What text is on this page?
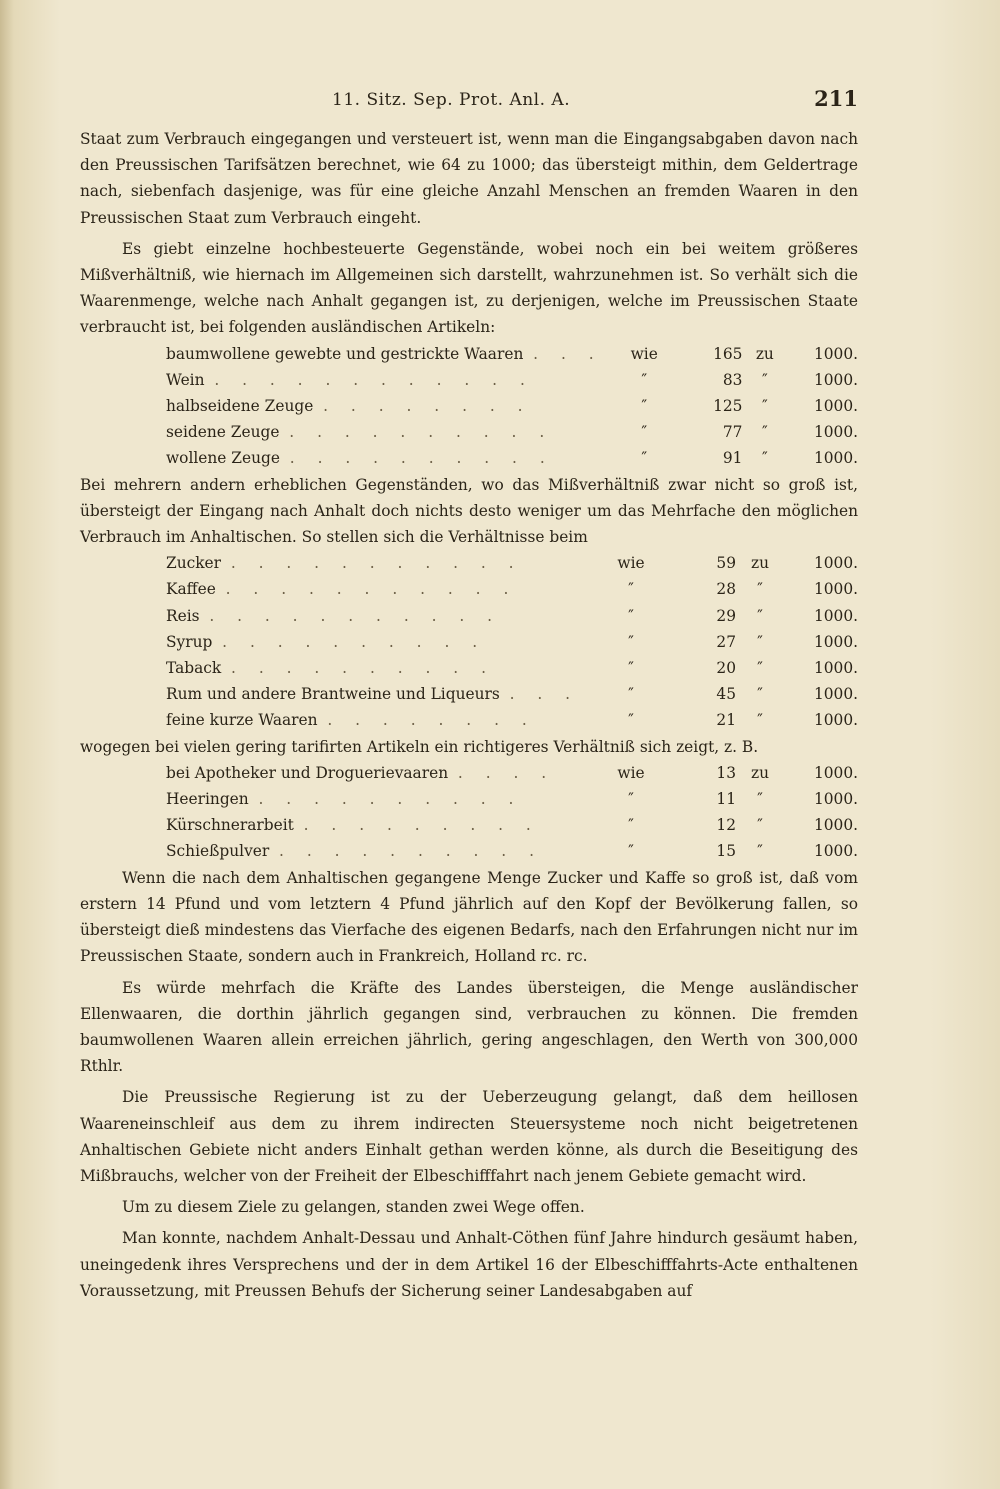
11. Sitz. Sep. Prot. Anl. A.	211

Staat zum Verbrauch eingegangen und versteuert ist, wenn man die Eingangsabgaben davon nach den Preussischen Tarifsätzen berechnet, wie 64 zu 1000; das übersteigt mithin, dem Geldertrage nach, siebenfach dasjenige, was für eine gleiche Anzahl Menschen an fremden Waaren in den Preussischen Staat zum Verbrauch eingeht.

Es giebt einzelne hochbesteuerte Gegenstände, wobei noch ein bei weitem größeres Mißverhältniß, wie hiernach im Allgemeinen sich darstellt, wahrzunehmen ist. So verhält sich die Waarenmenge, welche nach Anhalt gegangen ist, zu derjenigen, welche im Preussischen Staate verbraucht ist, bei folgenden ausländischen Artikeln:

baumwollene gewebte und gestrickte Waaren . . .	wie	165	zu	1000.
Wein . . . . . . . . . . . .	″	83	″	1000.
halbseidene Zeuge . . . . . . . .	″	125	″	1000.
seidene Zeuge . . . . . . . . . .	″	77	″	1000.
wollene Zeuge . . . . . . . . . .	″	91	″	1000.

Bei mehrern andern erheblichen Gegenständen, wo das Mißverhältniß zwar nicht so groß ist, übersteigt der Eingang nach Anhalt doch nichts desto weniger um das Mehrfache den möglichen Verbrauch im Anhaltischen. So stellen sich die Verhältnisse beim

Zucker . . . . . . . . . . .	wie	59	zu	1000.
Kaffee . . . . . . . . . . .	″	28	″	1000.
Reis . . . . . . . . . . .	″	29	″	1000.
Syrup . . . . . . . . . .	″	27	″	1000.
Taback . . . . . . . . . .	″	20	″	1000.
Rum und andere Brantweine und Liqueurs . . .	″	45	″	1000.
feine kurze Waaren . . . . . . . .	″	21	″	1000.

wogegen bei vielen gering tarifirten Artikeln ein richtigeres Verhältniß sich zeigt, z. B.

bei Apotheker und Droguerievaaren . . . .	wie	13	zu	1000.
Heeringen . . . . . . . . . .	″	11	″	1000.
Kürschnerarbeit . . . . . . . . .	″	12	″	1000.
Schießpulver . . . . . . . . . .	″	15	″	1000.

Wenn die nach dem Anhaltischen gegangene Menge Zucker und Kaffe so groß ist, daß vom erstern 14 Pfund und vom letztern 4 Pfund jährlich auf den Kopf der Bevölkerung fallen, so übersteigt dieß mindestens das Vierfache des eigenen Bedarfs, nach den Erfahrungen nicht nur im Preussischen Staate, sondern auch in Frankreich, Holland rc. rc.

Es würde mehrfach die Kräfte des Landes übersteigen, die Menge ausländischer Ellenwaaren, die dorthin jährlich gegangen sind, verbrauchen zu können. Die fremden baumwollenen Waaren allein erreichen jährlich, gering angeschlagen, den Werth von 300,000 Rthlr.

Die Preussische Regierung ist zu der Ueberzeugung gelangt, daß dem heillosen Waareneinschleif aus dem zu ihrem indirecten Steuersysteme noch nicht beigetretenen Anhaltischen Gebiete nicht anders Einhalt gethan werden könne, als durch die Beseitigung des Mißbrauchs, welcher von der Freiheit der Elbeschifffahrt nach jenem Gebiete gemacht wird.

Um zu diesem Ziele zu gelangen, standen zwei Wege offen.

Man konnte, nachdem Anhalt-Dessau und Anhalt-Cöthen fünf Jahre hindurch gesäumt haben, uneingedenk ihres Versprechens und der in dem Artikel 16 der Elbeschifffahrts-Acte enthaltenen Voraussetzung, mit Preussen Behufs der Sicherung seiner Landesabgaben auf
